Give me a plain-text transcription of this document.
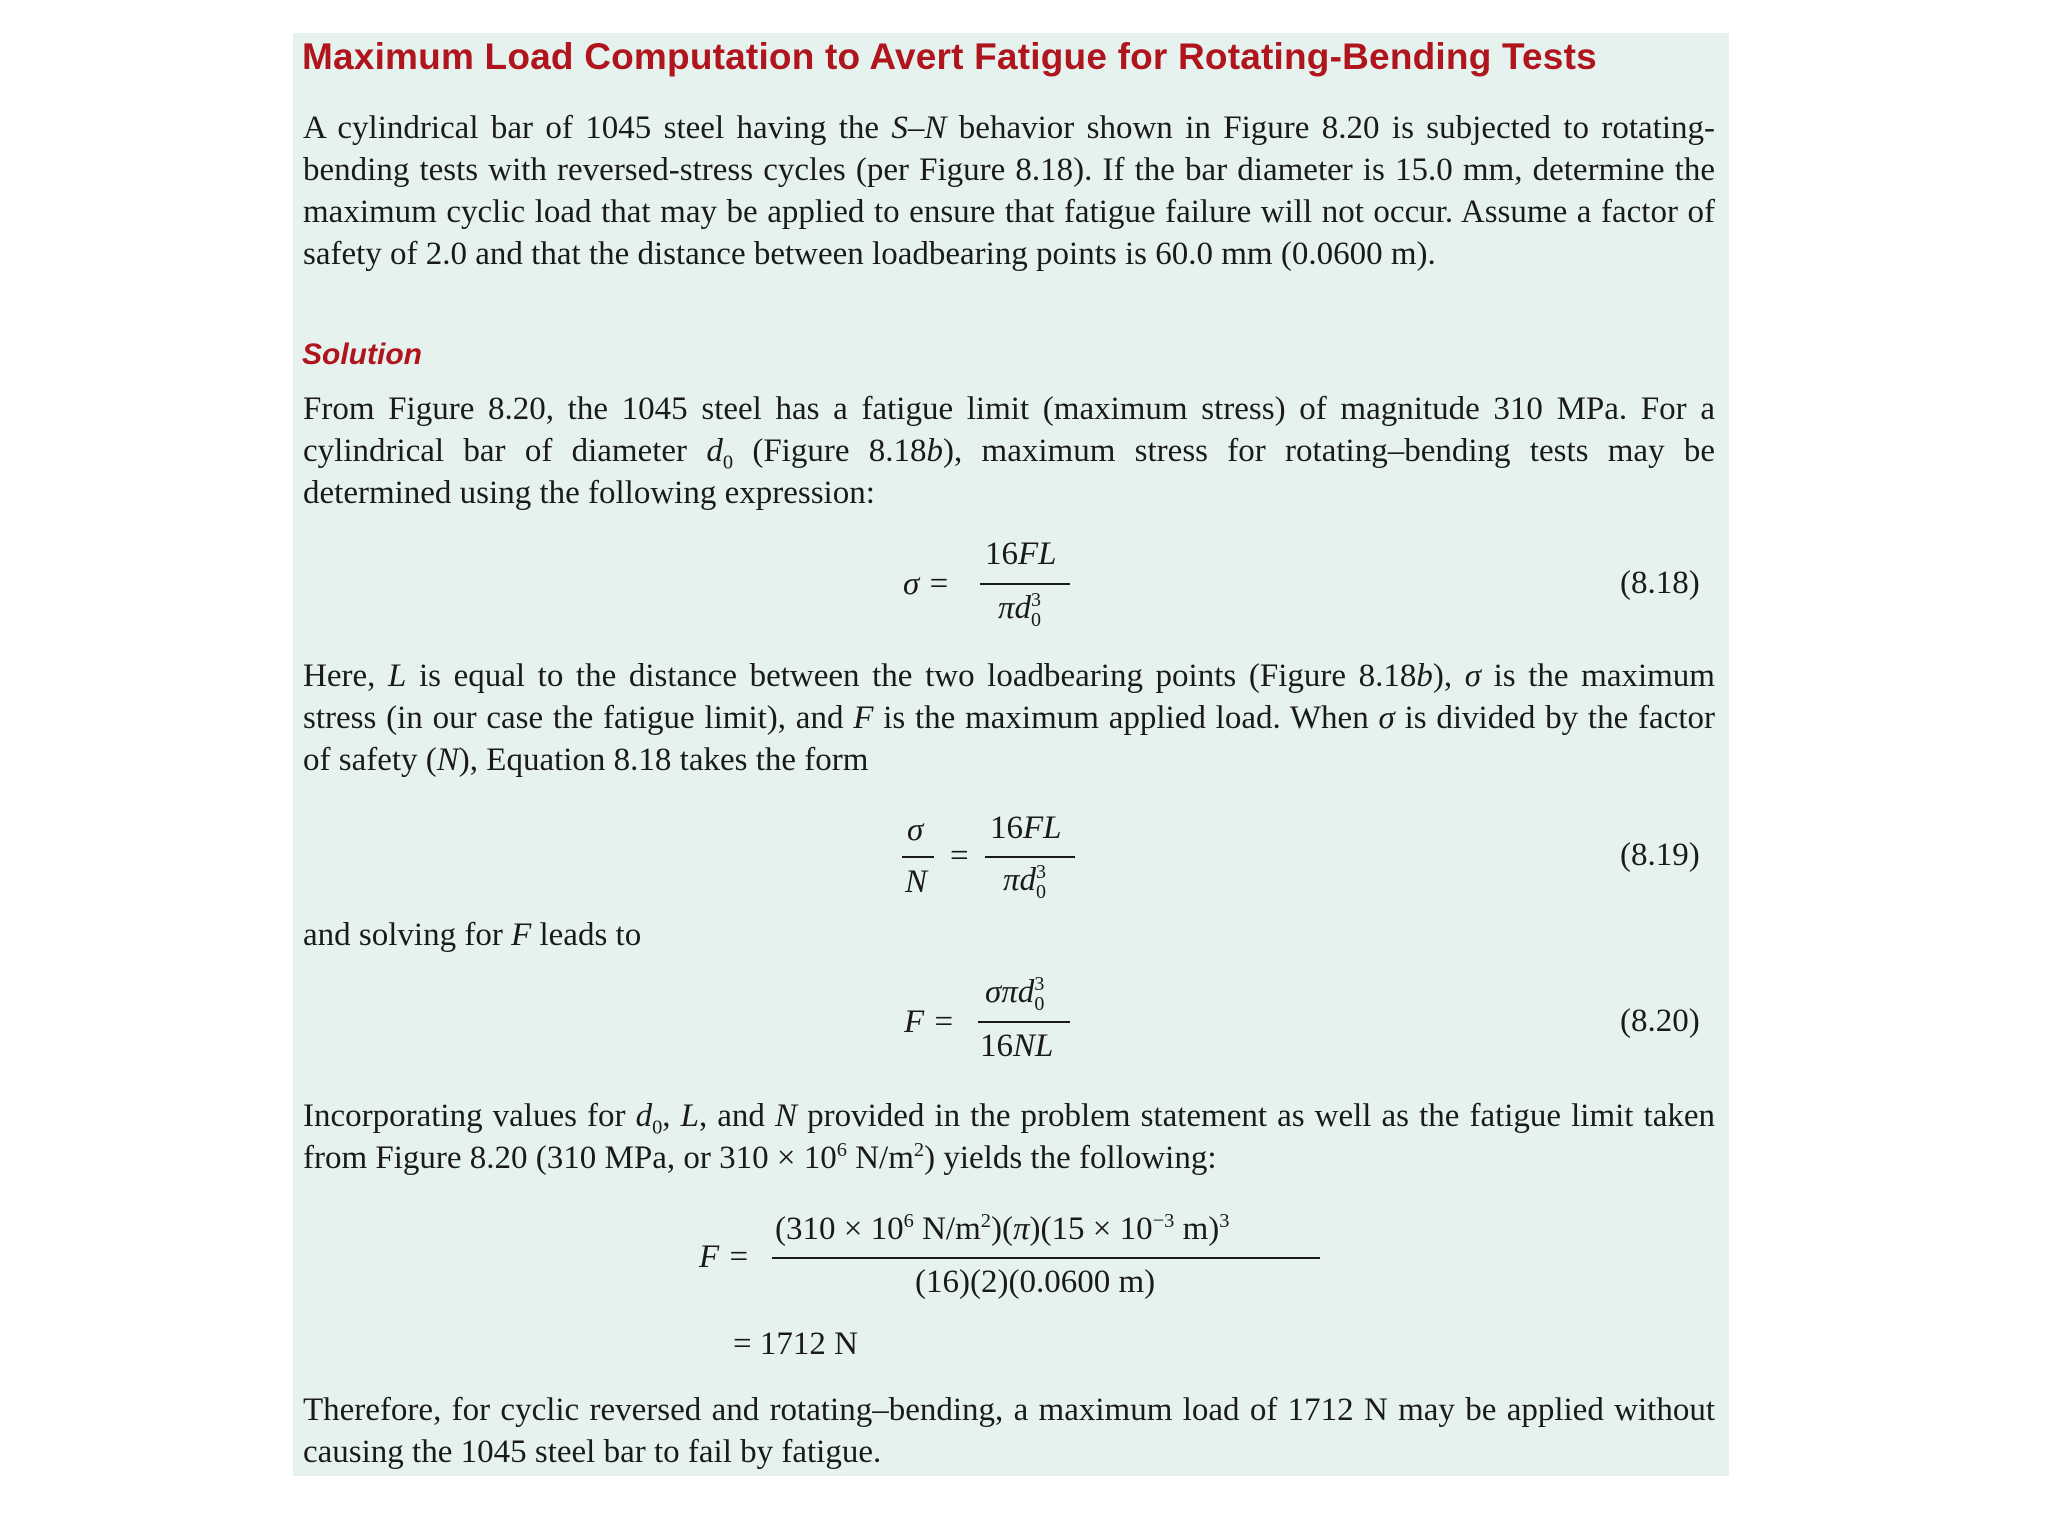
Maximum Load Computation to Avert Fatigue for Rotating-Bending Tests
A cylindrical bar of 1045 steel having the S–N behavior shown in Figure 8.20 is subjected to rotating-bending tests with reversed-stress cycles (per Figure 8.18). If the bar diameter is 15.0 mm, determine the maximum cyclic load that may be applied to ensure that fatigue failure will not occur. Assume a factor of safety of 2.0 and that the distance between loadbearing points is 60.0 mm (0.0600 m).
Solution
From Figure 8.20, the 1045 steel has a fatigue limit (maximum stress) of magnitude 310 MPa. For a cylindrical bar of diameter $d_0$ (Figure 8.18b), maximum stress for rotating–bending tests may be determined using the following expression:
σ =
16FL
$\pi d^3_0$
(8.18)
Here, L is equal to the distance between the two loadbearing points (Figure 8.18b), σ is the maximum stress (in our case the fatigue limit), and F is the maximum applied load. When σ is divided by the factor of safety (N), Equation 8.18 takes the form
σ
N
=
16FL
$\pi d^3_0$
(8.19)
and solving for F leads to
F =
σπd$^3_0$
16NL
(8.20)
Incorporating values for $d_0$, L, and N provided in the problem statement as well as the fatigue limit taken from Figure 8.20 (310 MPa, or $310 \times 10^6$ $N/m^2$) yields the following:
F =
($310 \times 10^6$ $N/m^2)(\pi)(15 \times 10^{-3}$ m)$^3$
(16)(2)(0.0600 m)
= 1712 N
Therefore, for cyclic reversed and rotating–bending, a maximum load of 1712 N may be applied without causing the 1045 steel bar to fail by fatigue.
